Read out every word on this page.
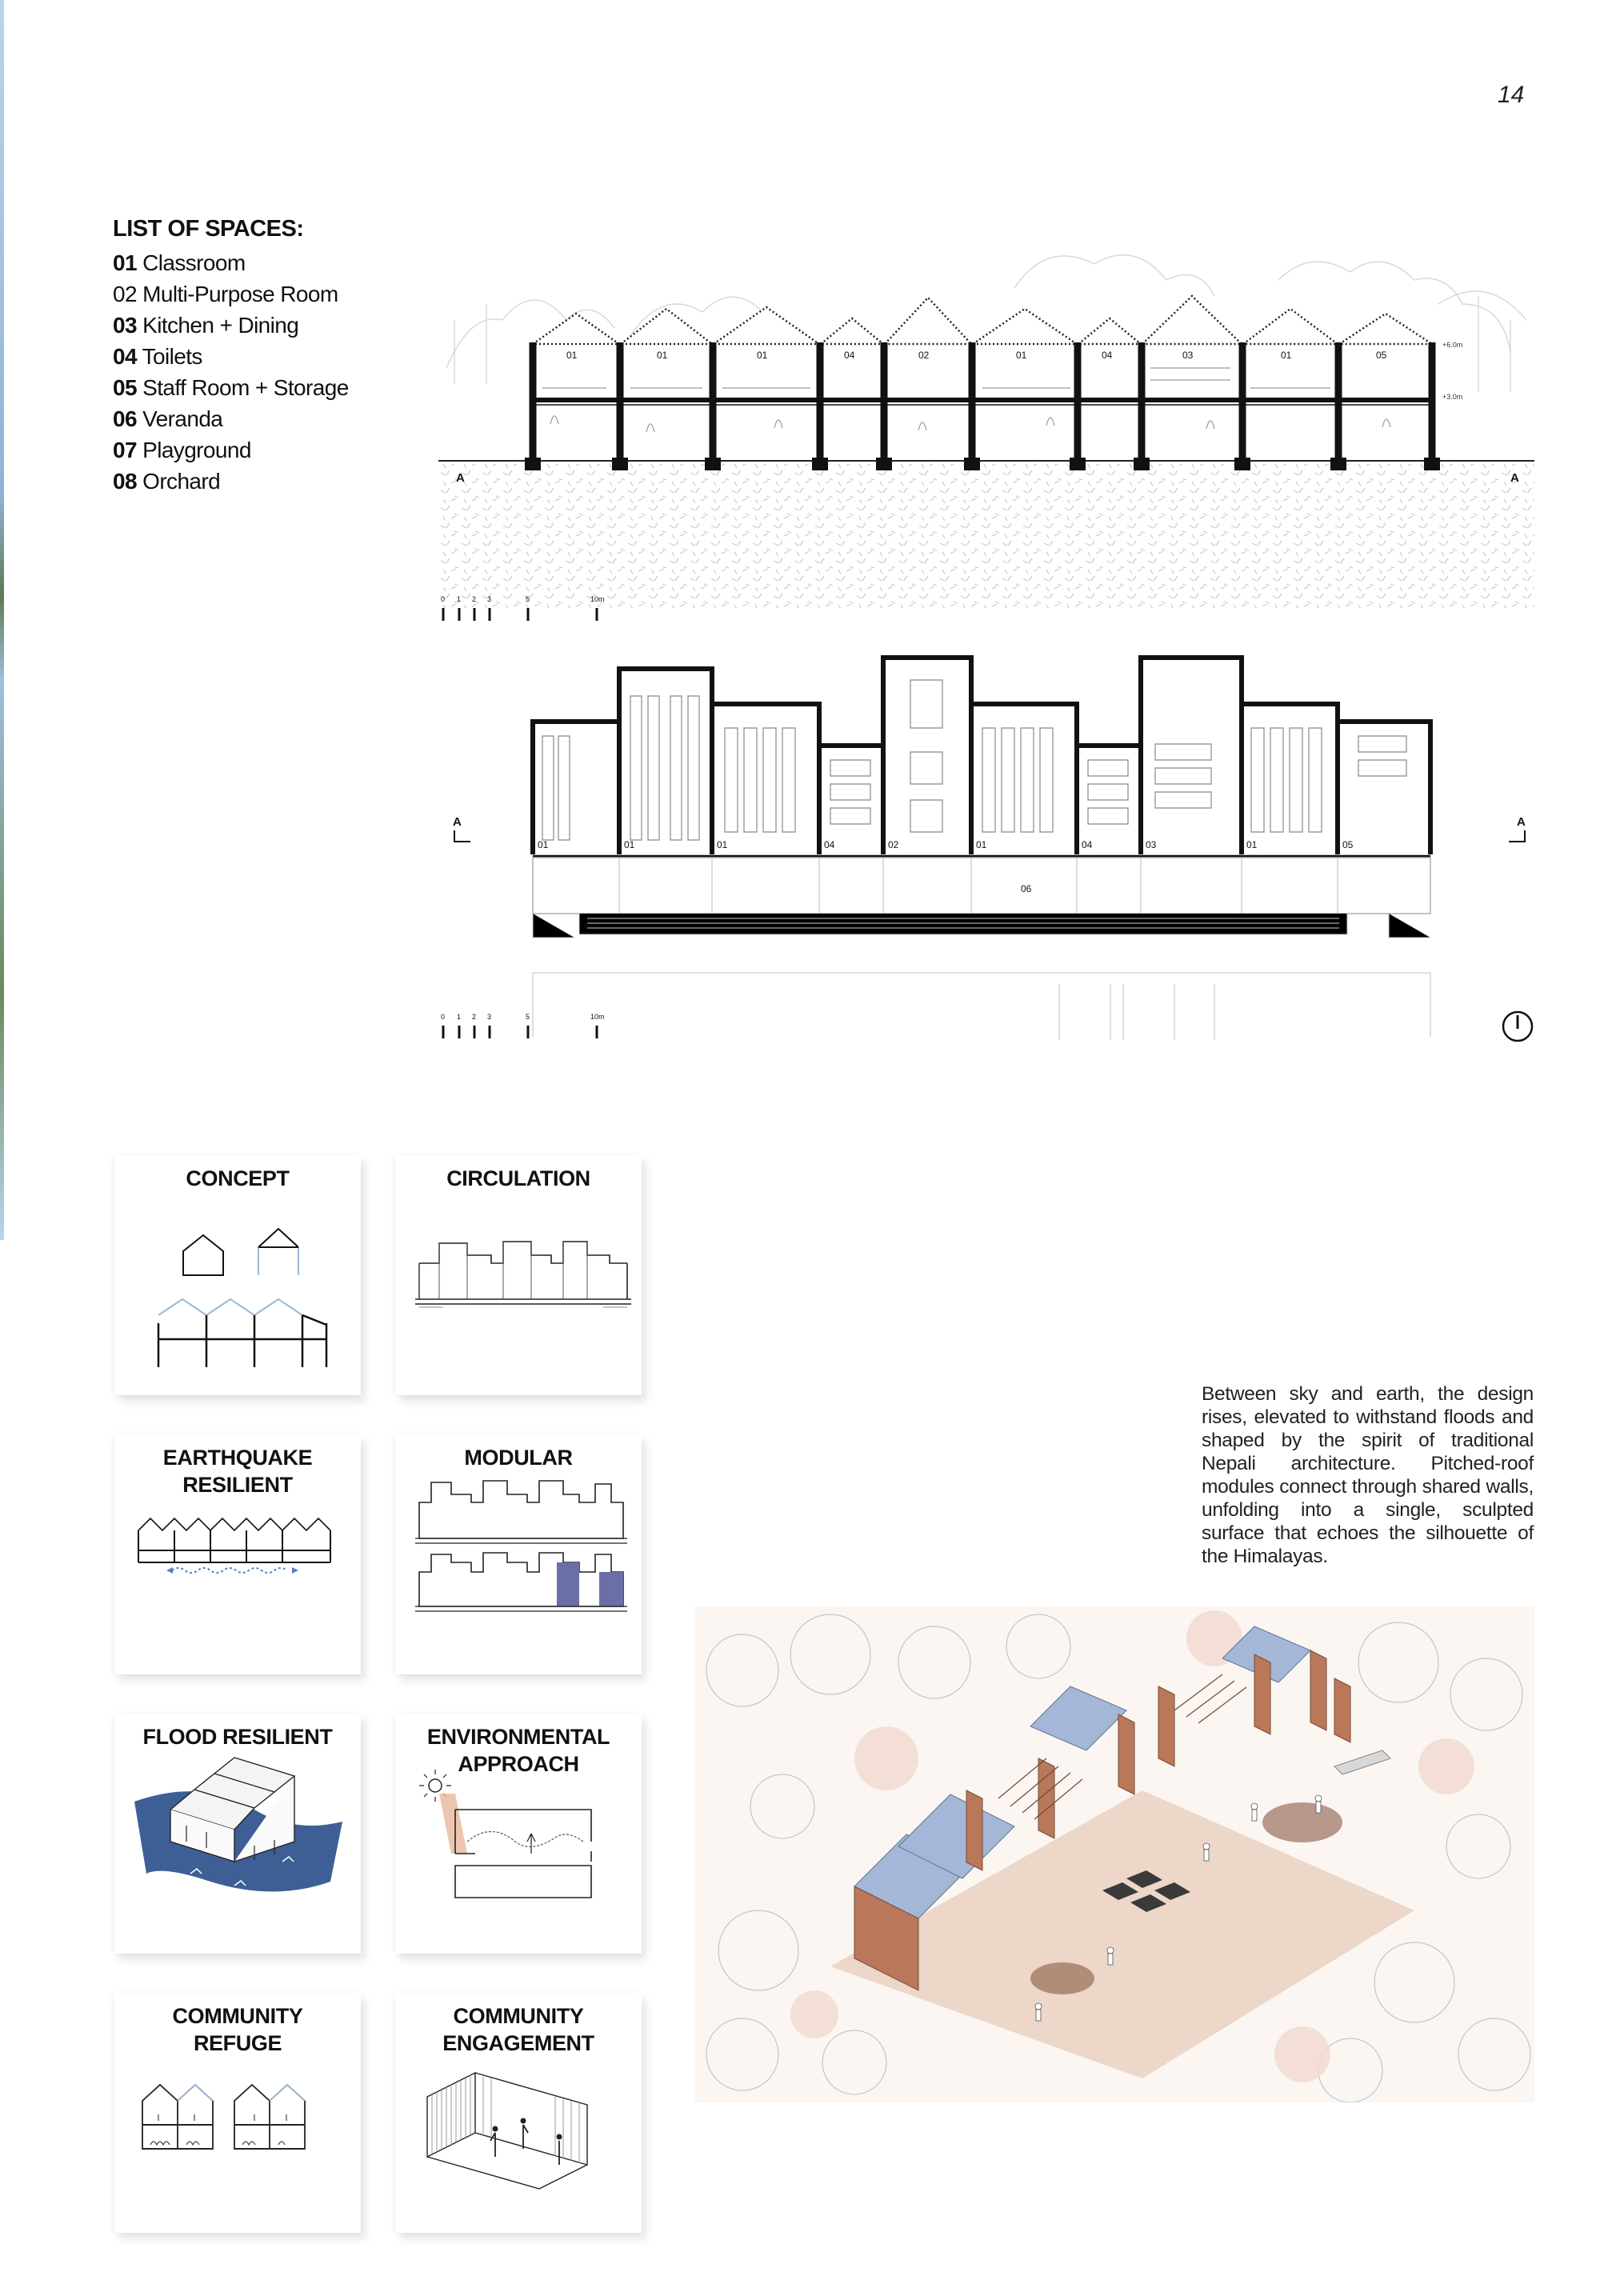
14
LIST OF SPACES:
01 Classroom
02 Multi-Purpose Room
03 Kitchen + Dining
04 Toilets
05 Staff Room + Storage
06 Veranda
07 Playground
08 Orchard
01	01	01	04	02	01	04	03	01	05
+6.0m
+3.0m
A	A
0 1 2 3	5	10m
01	01	01	04	02	01	04	03	01	05
06
A	A
0 1 2 3	5	10m
CONCEPT	CIRCULATION
EARTHQUAKE
RESILIENT
MODULAR
FLOOD RESILIENT	ENVIRONMENTAL
APPROACH
COMMUNITY
REFUGE
COMMUNITY
ENGAGEMENT
Between sky and earth, the design rises, elevated to withstand floods and shaped by the spirit of traditional Nepali architecture. Pitched-roof modules connect through shared walls, unfolding into a single, sculpted surface that echoes the silhouette of the Himalayas.
